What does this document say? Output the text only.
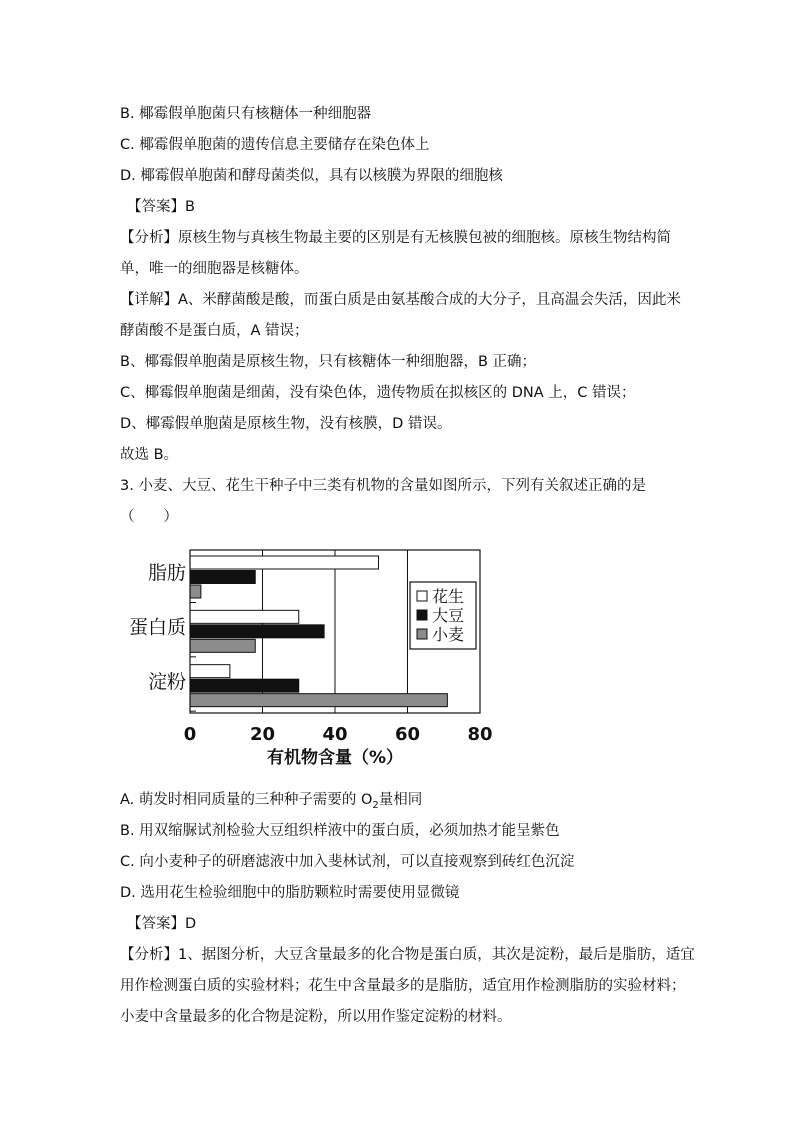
B. 椰霉假单胞菌只有核糖体一种细胞器
C. 椰霉假单胞菌的遗传信息主要储存在染色体上
D. 椰霉假单胞菌和酵母菌类似，具有以核膜为界限的细胞核
【答案】B
【分析】原核生物与真核生物最主要的区别是有无核膜包被的细胞核。原核生物结构简
单，唯一的细胞器是核糖体。
【详解】A、米酵菌酸是酸，而蛋白质是由氨基酸合成的大分子，且高温会失活，因此米
酵菌酸不是蛋白质，A 错误；
B、椰霉假单胞菌是原核生物，只有核糖体一种细胞器，B 正确；
C、椰霉假单胞菌是细菌，没有染色体，遗传物质在拟核区的 DNA 上，C 错误；
D、椰霉假单胞菌是原核生物，没有核膜，D 错误。
故选 B。
3. 小麦、大豆、花生干种子中三类有机物的含量如图所示，下列有关叙述正确的是
（　　）
脂肪
蛋白质
淀粉
0	20	40	60	80
有机物含量（%）
花生
大豆
小麦
A. 萌发时相同质量的三种种子需要的 $O_2$量相同
B. 用双缩脲试剂检验大豆组织样液中的蛋白质，必须加热才能呈紫色
C. 向小麦种子的研磨滤液中加入斐林试剂，可以直接观察到砖红色沉淀
D. 选用花生检验细胞中的脂肪颗粒时需要使用显微镜
【答案】D
【分析】1、据图分析，大豆含量最多的化合物是蛋白质，其次是淀粉，最后是脂肪，适宜
用作检测蛋白质的实验材料；花生中含量最多的是脂肪，适宜用作检测脂肪的实验材料；
小麦中含量最多的化合物是淀粉，所以用作鉴定淀粉的材料。
